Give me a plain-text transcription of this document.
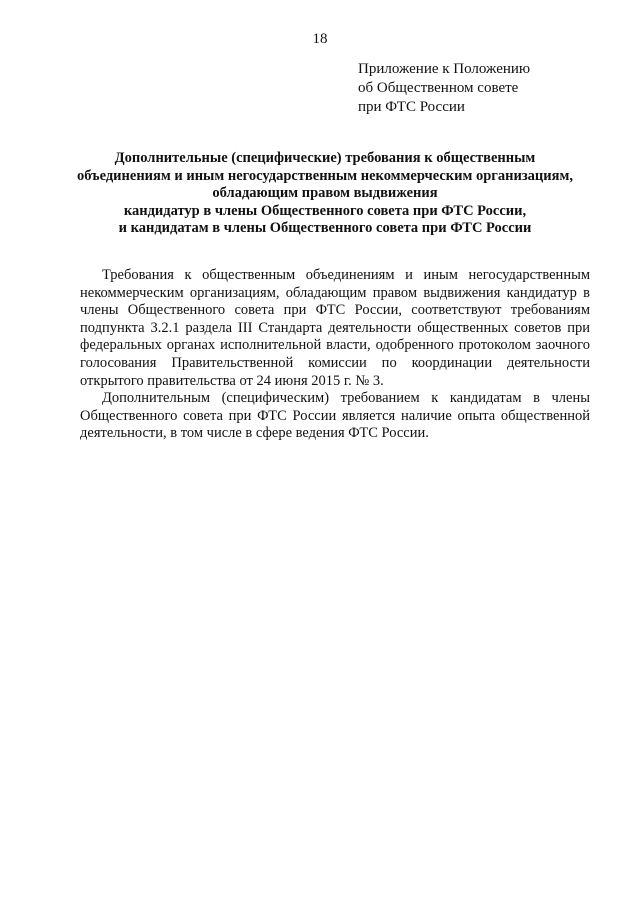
18
Приложение к Положению
об Общественном совете
при ФТС России
Дополнительные (специфические) требования к общественным
объединениям и иным негосударственным некоммерческим организациям,
обладающим правом выдвижения
кандидатур в члены Общественного совета при ФТС России,
и кандидатам в члены Общественного совета при ФТС России
Требования к общественным объединениям и иным негосударственным
некоммерческим организациям, обладающим правом выдвижения кандидатур в
члены Общественного совета при ФТС России, соответствуют требованиям
подпункта 3.2.1 раздела III Стандарта деятельности общественных советов при
федеральных органах исполнительной власти, одобренного протоколом заочного
голосования Правительственной комиссии по координации деятельности
открытого правительства от 24 июня 2015 г. № 3.
Дополнительным (специфическим) требованием к кандидатам в члены
Общественного совета при ФТС России является наличие опыта общественной
деятельности, в том числе в сфере ведения ФТС России.
